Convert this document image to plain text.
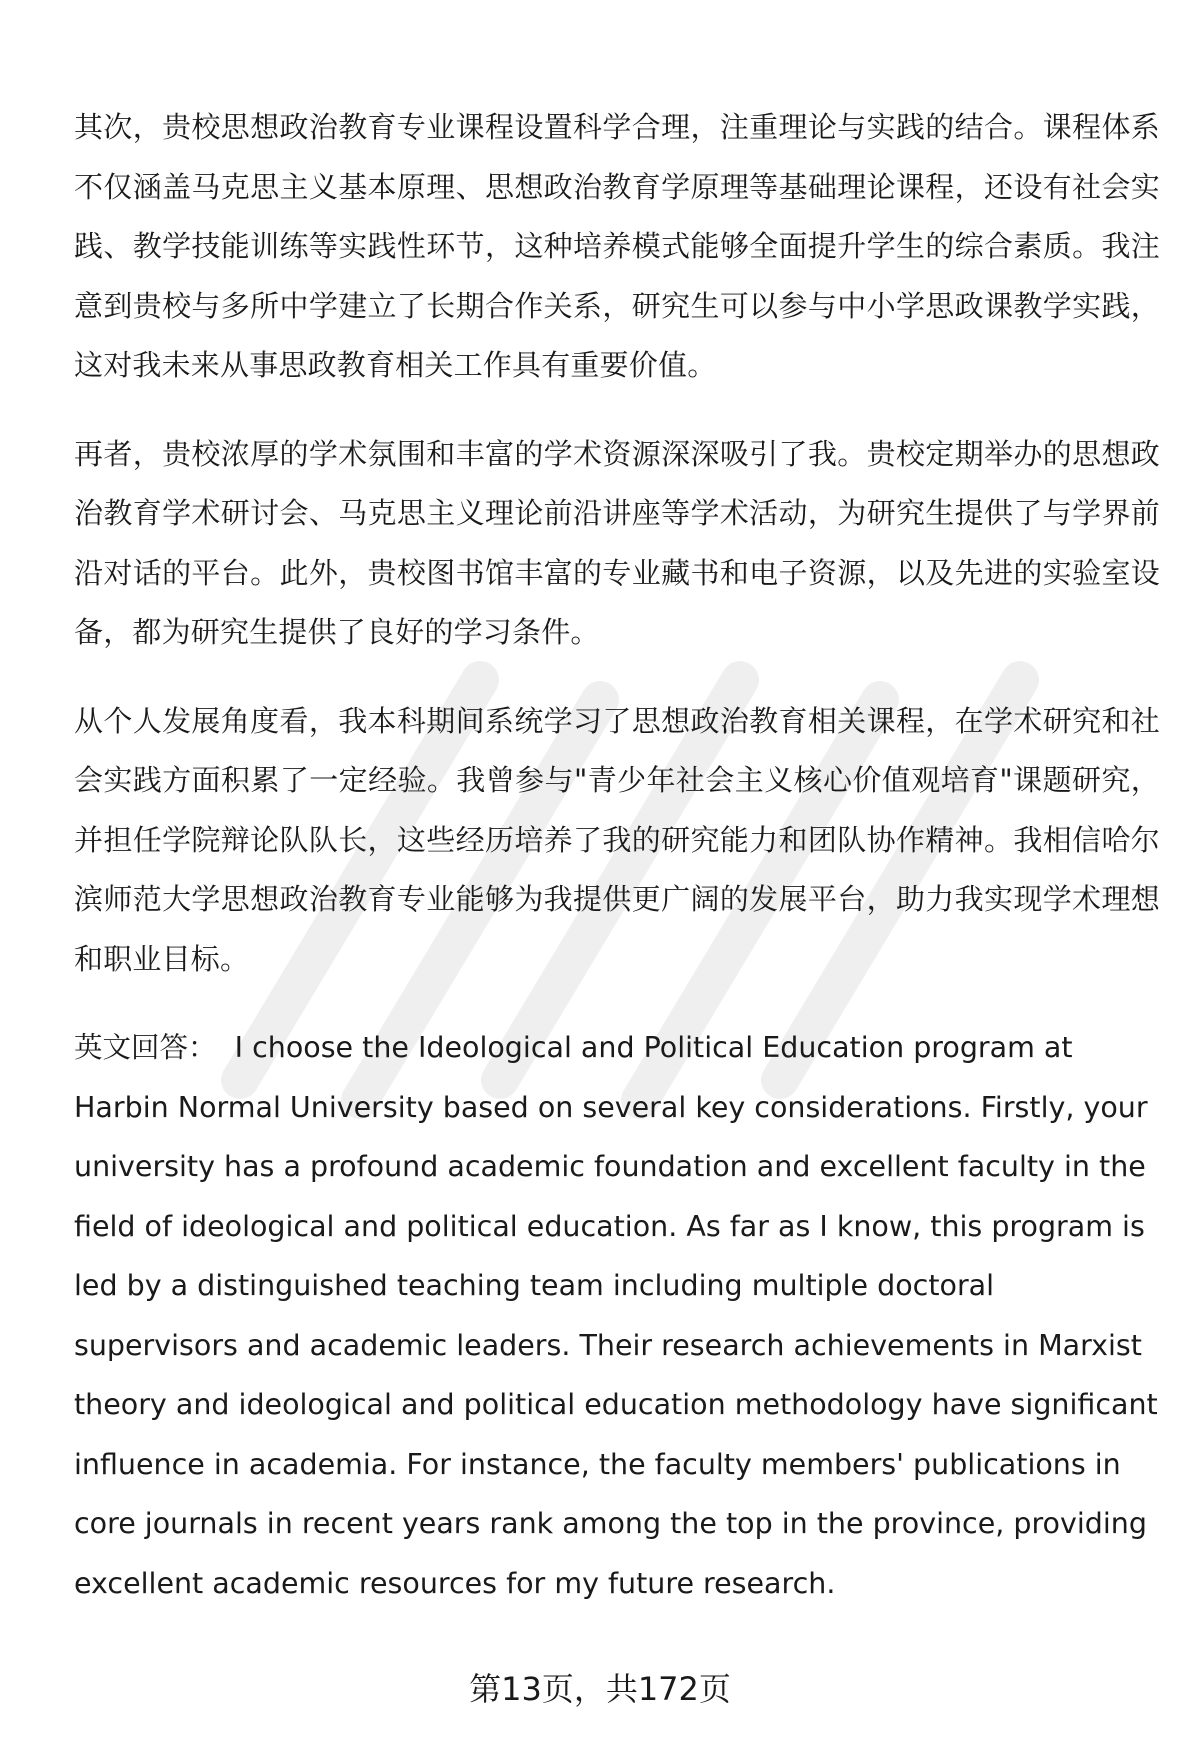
其次，贵校思想政治教育专业课程设置科学合理，注重理论与实践的结合。课程体系不仅涵盖马克思主义基本原理、思想政治教育学原理等基础理论课程，还设有社会实践、教学技能训练等实践性环节，这种培养模式能够全面提升学生的综合素质。我注意到贵校与多所中学建立了长期合作关系，研究生可以参与中小学思政课教学实践，这对我未来从事思政教育相关工作具有重要价值。

再者，贵校浓厚的学术氛围和丰富的学术资源深深吸引了我。贵校定期举办的思想政治教育学术研讨会、马克思主义理论前沿讲座等学术活动，为研究生提供了与学界前沿对话的平台。此外，贵校图书馆丰富的专业藏书和电子资源，以及先进的实验室设备，都为研究生提供了良好的学习条件。

从个人发展角度看，我本科期间系统学习了思想政治教育相关课程，在学术研究和社会实践方面积累了一定经验。我曾参与"青少年社会主义核心价值观培育"课题研究，并担任学院辩论队队长，这些经历培养了我的研究能力和团队协作精神。我相信哈尔滨师范大学思想政治教育专业能够为我提供更广阔的发展平台，助力我实现学术理想和职业目标。

英文回答： I choose the Ideological and Political Education program at Harbin Normal University based on several key considerations. Firstly, your university has a profound academic foundation and excellent faculty in the field of ideological and political education. As far as I know, this program is led by a distinguished teaching team including multiple doctoral supervisors and academic leaders. Their research achievements in Marxist theory and ideological and political education methodology have significant influence in academia. For instance, the faculty members' publications in core journals in recent years rank among the top in the province, providing excellent academic resources for my future research.

第13页，共172页
